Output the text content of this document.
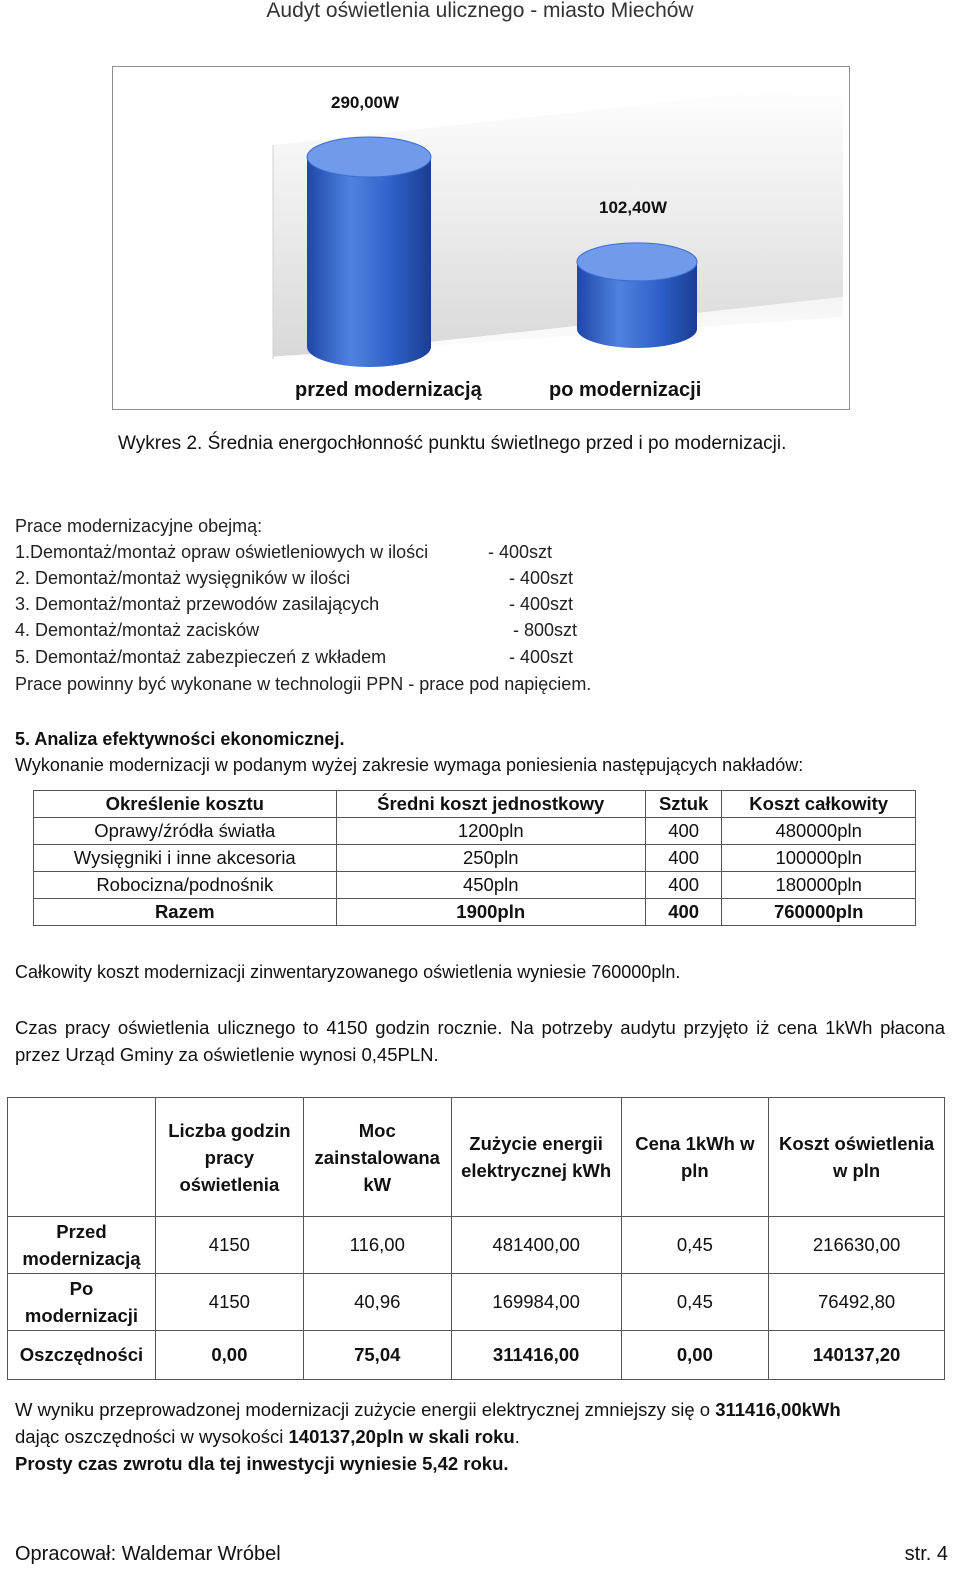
Audyt oświetlenia ulicznego - miasto Miechów
290,00W
102,40W
przed modernizacją	po modernizacji
Wykres 2. Średnia energochłonność punktu świetlnego przed i po modernizacji.
Prace modernizacyjne obejmą:
1.Demontaż/montaż opraw oświetleniowych w ilości	- 400szt
2. Demontaż/montaż wysięgników w ilości	- 400szt
3. Demontaż/montaż przewodów zasilających	- 400szt
4. Demontaż/montaż zacisków	- 800szt
5. Demontaż/montaż zabezpieczeń z wkładem	- 400szt
Prace powinny być wykonane w technologii PPN - prace pod napięciem.
5. Analiza efektywności ekonomicznej.
Wykonanie modernizacji w podanym wyżej zakresie wymaga poniesienia następujących nakładów:
Określenie kosztu	Średni koszt jednostkowy	Sztuk	Koszt całkowity
Oprawy/źródła światła	1200pln	400	480000pln
Wysięgniki i inne akcesoria	250pln	400	100000pln
Robocizna/podnośnik	450pln	400	180000pln
Razem	1900pln	400	760000pln
Całkowity koszt modernizacji zinwentaryzowanego oświetlenia wyniesie 760000pln.
Czas pracy oświetlenia ulicznego to 4150 godzin rocznie. Na potrzeby audytu przyjęto iż cena 1kWh płacona przez Urząd Gminy za oświetlenie wynosi 0,45PLN.
	Liczba godzin pracy oświetlenia	Moc zainstalowana kW	Zużycie energii elektrycznej kWh	Cena 1kWh w pln	Koszt oświetlenia w pln
Przed modernizacją	4150	116,00	481400,00	0,45	216630,00
Po modernizacji	4150	40,96	169984,00	0,45	76492,80
Oszczędności	0,00	75,04	311416,00	0,00	140137,20
W wyniku przeprowadzonej modernizacji zużycie energii elektrycznej zmniejszy się o 311416,00kWh
dając oszczędności w wysokości 140137,20pln w skali roku.
Prosty czas zwrotu dla tej inwestycji wyniesie 5,42 roku.
Opracował: Waldemar Wróbel	str. 4
